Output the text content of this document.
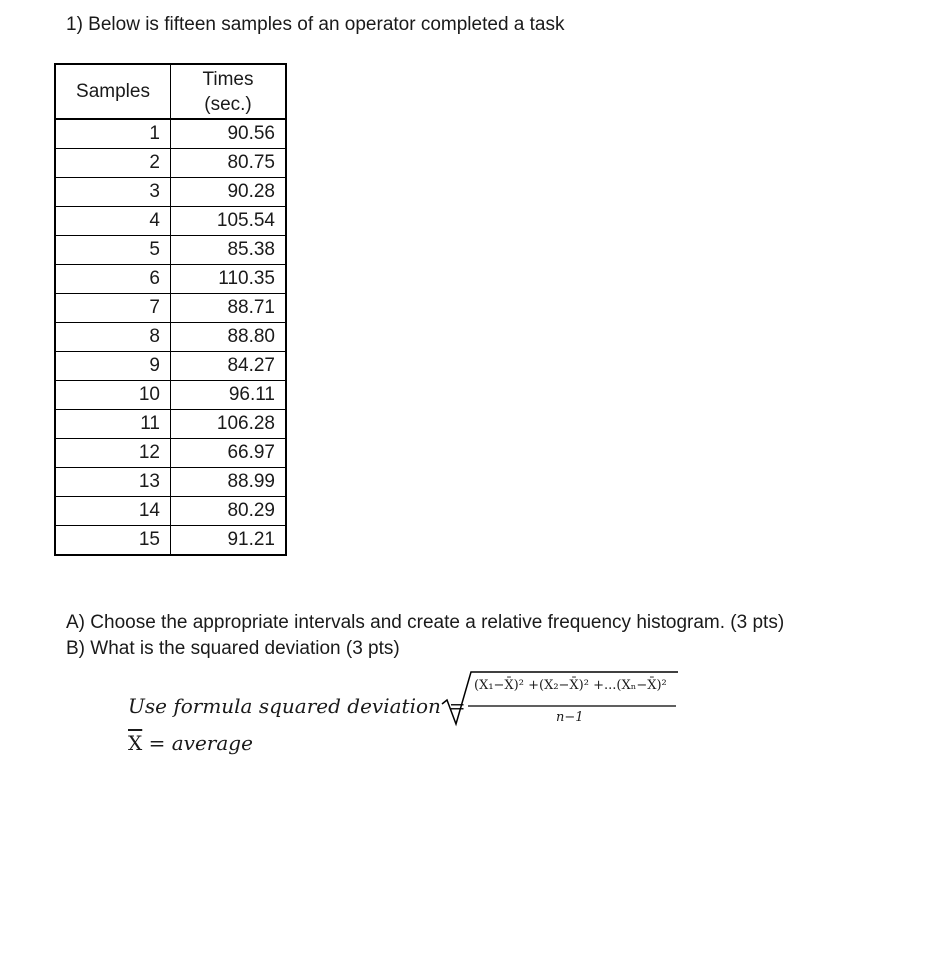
1) Below is fifteen samples of an operator completed a task
Samples	Times
(sec.)
1	90.56
2	80.75
3	90.28
4	105.54
5	85.38
6	110.35
7	88.71
8	88.80
9	84.27
10	96.11
11	106.28
12	66.97
13	88.99
14	80.29
15	91.21
A) Choose the appropriate intervals and create a relative frequency histogram. (3 pts)
B) What is the squared deviation (3 pts)
Use formula squared deviation =
(X₁−X̄)² +(X₂−X̄)² +...(Xₙ−X̄)²
n−1
$\overline{X}$ = average
